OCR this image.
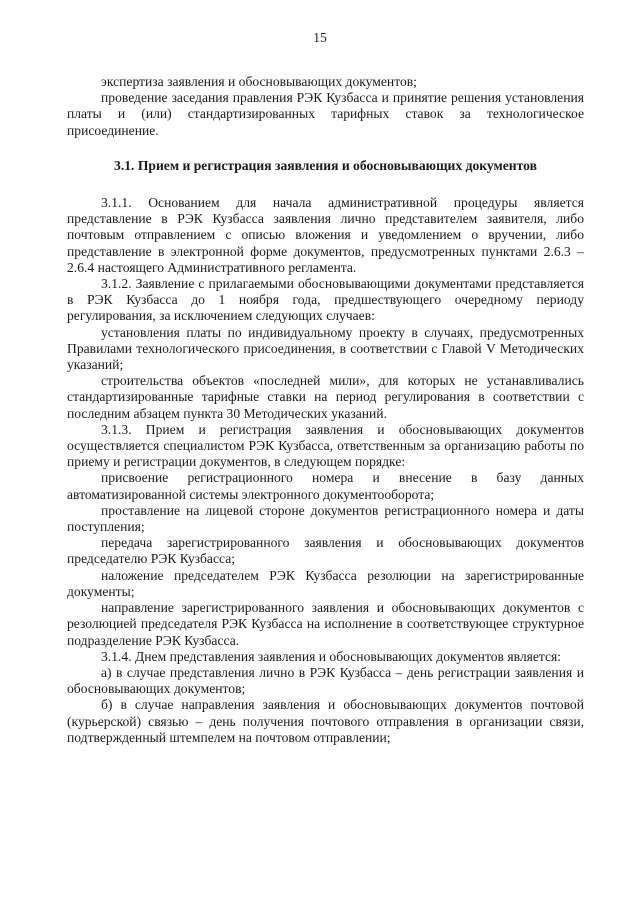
15

экспертиза заявления и обосновывающих документов;

проведение заседания правления РЭК Кузбасса и принятие решения установления платы и (или) стандартизированных тарифных ставок за технологическое присоединение.

3.1. Прием и регистрация заявления и обосновывающих документов

3.1.1. Основанием для начала административной процедуры является представление в РЭК Кузбасса заявления лично представителем заявителя, либо почтовым отправлением с описью вложения и уведомлением о вручении, либо представление в электронной форме документов, предусмотренных пунктами 2.6.3 – 2.6.4 настоящего Административного регламента.

3.1.2. Заявление с прилагаемыми обосновывающими документами представляется в РЭК Кузбасса до 1 ноября года, предшествующего очередному периоду регулирования, за исключением следующих случаев:

установления платы по индивидуальному проекту в случаях, предусмотренных Правилами технологического присоединения, в соответствии с Главой V Методических указаний;

строительства объектов «последней мили», для которых не устанавливались стандартизированные тарифные ставки на период регулирования в соответствии с последним абзацем пункта 30 Методических указаний.

3.1.3. Прием и регистрация заявления и обосновывающих документов осуществляется специалистом РЭК Кузбасса, ответственным за организацию работы по приему и регистрации документов, в следующем порядке:

присвоение регистрационного номера и внесение в базу данных автоматизированной системы электронного документооборота;

проставление на лицевой стороне документов регистрационного номера и даты поступления;

передача зарегистрированного заявления и обосновывающих документов председателю РЭК Кузбасса;

наложение председателем РЭК Кузбасса резолюции на зарегистрированные документы;

направление зарегистрированного заявления и обосновывающих документов с резолюцией председателя РЭК Кузбасса на исполнение в соответствующее структурное подразделение РЭК Кузбасса.

3.1.4. Днем представления заявления и обосновывающих документов является:

а) в случае представления лично в РЭК Кузбасса – день регистрации заявления и обосновывающих документов;

б) в случае направления заявления и обосновывающих документов почтовой (курьерской) связью – день получения почтового отправления в организации связи, подтвержденный штемпелем на почтовом отправлении;
